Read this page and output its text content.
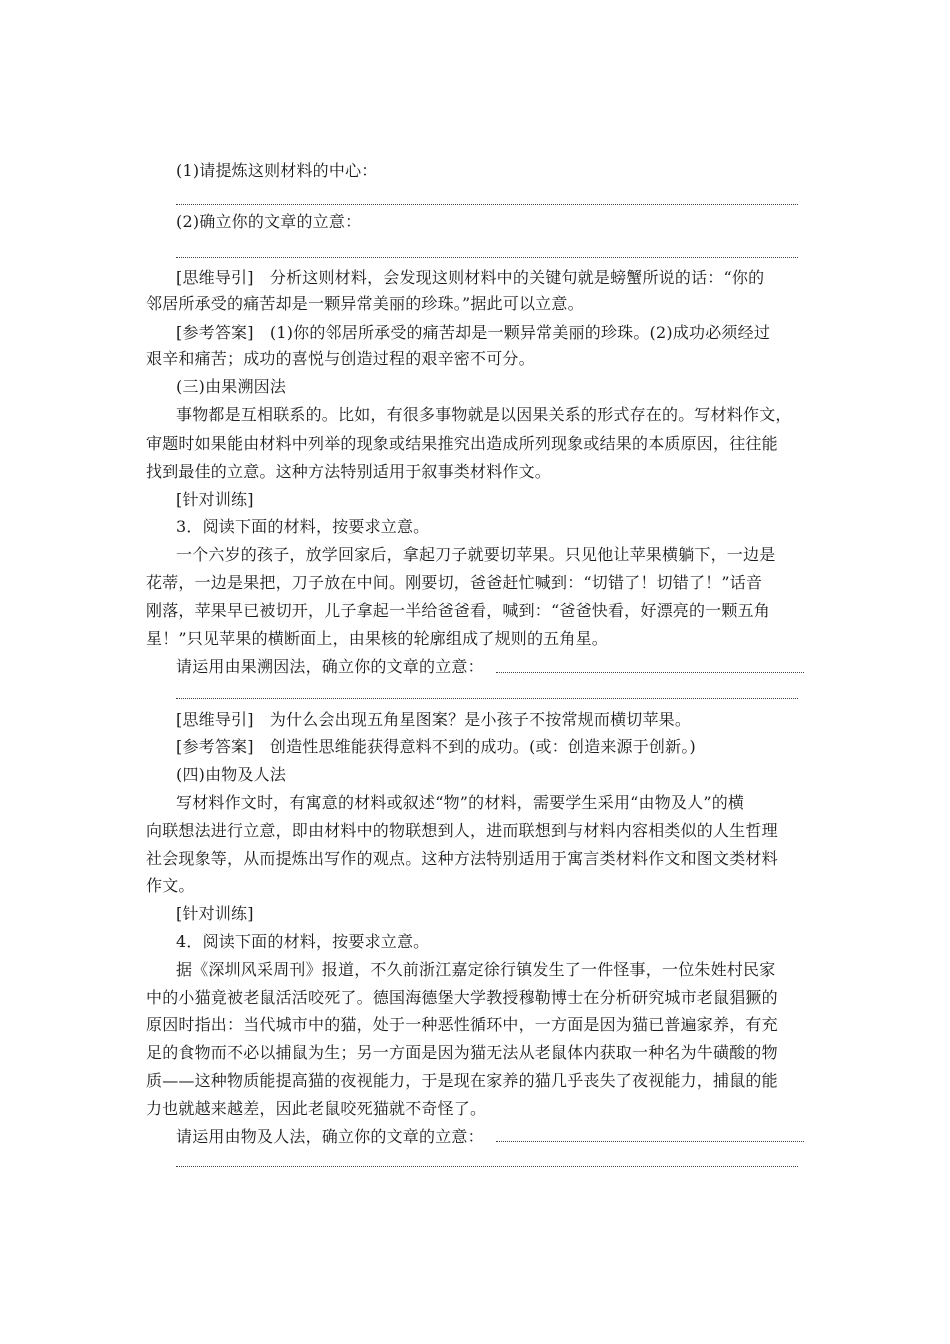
(1)请提炼这则材料的中心：
(2)确立你的文章的立意：
[思维导引]　分析这则材料，会发现这则材料中的关键句就是螃蟹所说的话：“你的
邻居所承受的痛苦却是一颗异常美丽的珍珠。”据此可以立意。
[参考答案]　(1)你的邻居所承受的痛苦却是一颗异常美丽的珍珠。(2)成功必须经过
艰辛和痛苦；成功的喜悦与创造过程的艰辛密不可分。
(三)由果溯因法
事物都是互相联系的。比如，有很多事物就是以因果关系的形式存在的。写材料作文，
审题时如果能由材料中列举的现象或结果推究出造成所列现象或结果的本质原因，往往能
找到最佳的立意。这种方法特别适用于叙事类材料作文。
[针对训练]
3．阅读下面的材料，按要求立意。
一个六岁的孩子，放学回家后，拿起刀子就要切苹果。只见他让苹果横躺下，一边是
花蒂，一边是果把，刀子放在中间。刚要切，爸爸赶忙喊到：“切错了！切错了！”话音
刚落，苹果早已被切开，儿子拿起一半给爸爸看，喊到：“爸爸快看，好漂亮的一颗五角
星！”只见苹果的横断面上，由果核的轮廓组成了规则的五角星。
请运用由果溯因法，确立你的文章的立意：
[思维导引]　为什么会出现五角星图案？是小孩子不按常规而横切苹果。
[参考答案]　创造性思维能获得意料不到的成功。(或：创造来源于创新。)
(四)由物及人法
写材料作文时，有寓意的材料或叙述“物”的材料，需要学生采用“由物及人”的横
向联想法进行立意，即由材料中的物联想到人，进而联想到与材料内容相类似的人生哲理
社会现象等，从而提炼出写作的观点。这种方法特别适用于寓言类材料作文和图文类材料
作文。
[针对训练]
4．阅读下面的材料，按要求立意。
据《深圳风采周刊》报道，不久前浙江嘉定徐行镇发生了一件怪事，一位朱姓村民家
中的小猫竟被老鼠活活咬死了。德国海德堡大学教授穆勒博士在分析研究城市老鼠猖獗的
原因时指出：当代城市中的猫，处于一种恶性循环中，一方面是因为猫已普遍家养，有充
足的食物而不必以捕鼠为生；另一方面是因为猫无法从老鼠体内获取一种名为牛磺酸的物
质——这种物质能提高猫的夜视能力，于是现在家养的猫几乎丧失了夜视能力，捕鼠的能
力也就越来越差，因此老鼠咬死猫就不奇怪了。
请运用由物及人法，确立你的文章的立意：
